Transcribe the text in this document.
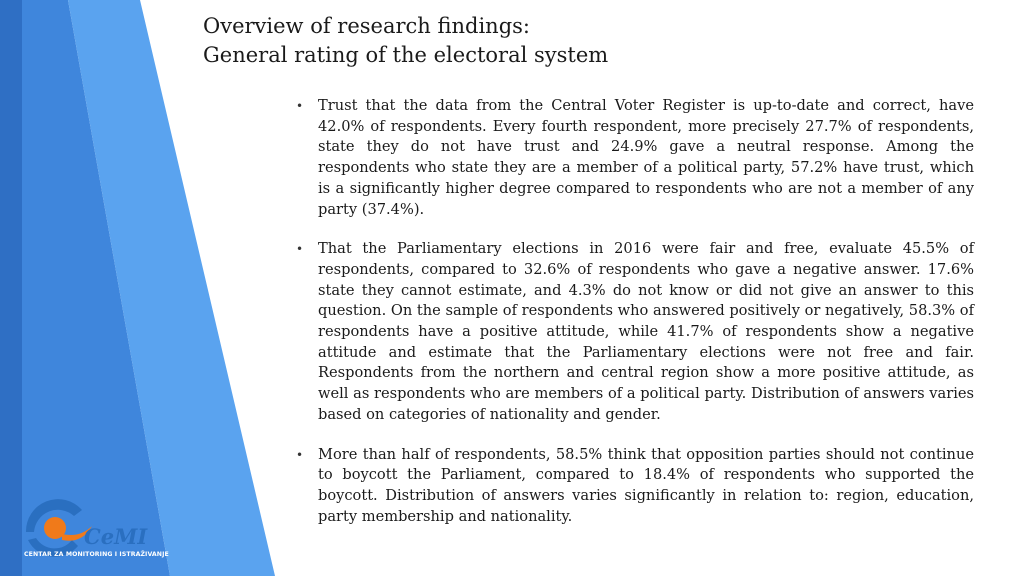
Overview of research findings:
General rating of the electoral system
• Trust that the data from the Central Voter Register is up-to-date and correct, have 42.0% of respondents. Every fourth respondent, more precisely 27.7% of respondents, state they do not have trust and 24.9% gave a neutral response. Among the respondents who state they are a member of a political party, 57.2% have trust, which is a significantly higher degree compared to respondents who are not a member of any party (37.4%).
• That the Parliamentary elections in 2016 were fair and free, evaluate 45.5% of respondents, compared to 32.6% of respondents who gave a negative answer. 17.6% state they cannot estimate, and 4.3% do not know or did not give an answer to this question. On the sample of respondents who answered positively or negatively, 58.3% of respondents have a positive attitude, while 41.7% of respondents show a negative attitude and estimate that the Parliamentary elections were not free and fair. Respondents from the northern and central region show a more positive attitude, as well as respondents who are members of a political party. Distribution of answers varies based on categories of nationality and gender.
• More than half of respondents, 58.5% think that opposition parties should not continue to boycott the Parliament, compared to 18.4% of respondents who supported the boycott. Distribution of answers varies significantly in relation to: region, education, party membership and nationality.
CeMI
CENTAR ZA MONITORING I ISTRAŽIVANJE
